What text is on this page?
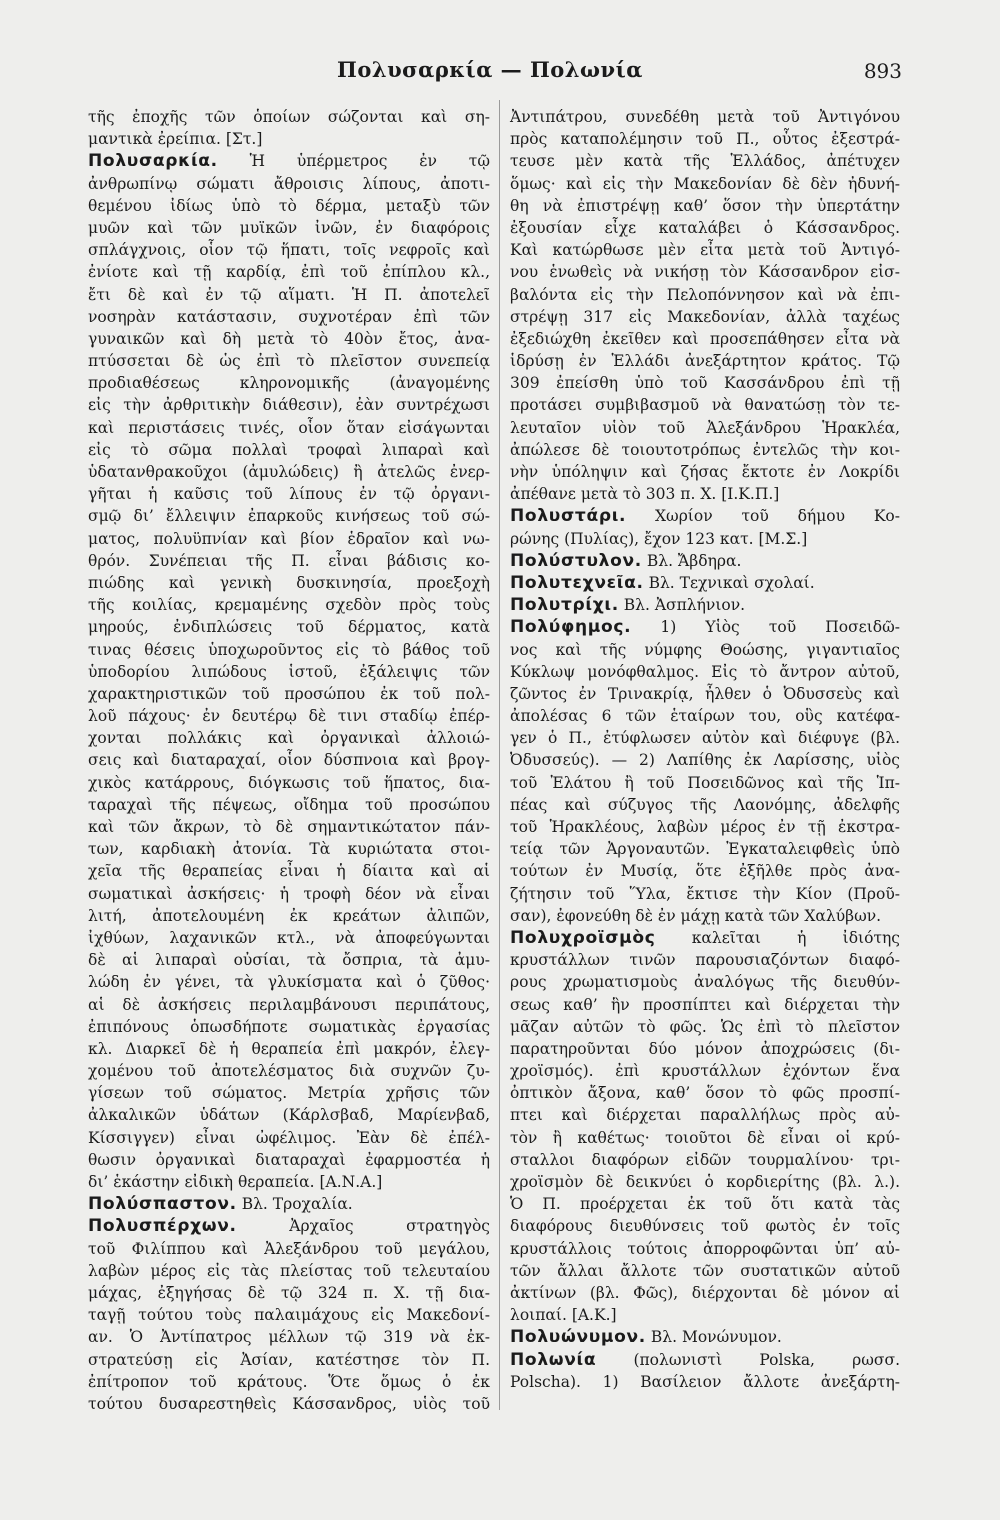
Πολυσαρκία — Πολωνία	893
τῆς ἐποχῆς τῶν ὁποίων σώζονται καὶ ση-
μαντικὰ ἐρείπια. [Στ.]
Πολυσαρκία. Ἡ ὑπέρμετρος ἐν τῷ
ἀνθρωπίνῳ σώματι ἄθροισις λίπους, ἀποτι-
θεμένου ἰδίως ὑπὸ τὸ δέρμα, μεταξὺ τῶν
μυῶν καὶ τῶν μυϊκῶν ἰνῶν, ἐν διαφόροις
σπλάγχνοις, οἷον τῷ ἥπατι, τοῖς νεφροῖς καὶ
ἐνίοτε καὶ τῇ καρδίᾳ, ἐπὶ τοῦ ἐπίπλου κλ.,
ἔτι δὲ καὶ ἐν τῷ αἵματι. Ἡ Π. ἀποτελεῖ
νοσηρὰν κατάστασιν, συχνοτέραν ἐπὶ τῶν
γυναικῶν καὶ δὴ μετὰ τὸ 40ὸν ἔτος, ἀνα-
πτύσσεται δὲ ὡς ἐπὶ τὸ πλεῖστον συνεπείᾳ
προδιαθέσεως κληρονομικῆς (ἀναγομένης
εἰς τὴν ἀρθριτικὴν διάθεσιν), ἐὰν συντρέχωσι
καὶ περιστάσεις τινές, οἷον ὅταν εἰσάγωνται
εἰς τὸ σῶμα πολλαὶ τροφαὶ λιπαραὶ καὶ
ὑδατανθρακοῦχοι (ἀμυλώδεις) ἢ ἀτελῶς ἐνερ-
γῆται ἡ καῦσις τοῦ λίπους ἐν τῷ ὀργανι-
σμῷ δι’ ἔλλειψιν ἐπαρκοῦς κινήσεως τοῦ σώ-
ματος, πολυϋπνίαν καὶ βίον ἑδραῖον καὶ νω-
θρόν. Συνέπειαι τῆς Π. εἶναι βάδισις κο-
πιώδης καὶ γενικὴ δυσκινησία, προεξοχὴ
τῆς κοιλίας, κρεμαμένης σχεδὸν πρὸς τοὺς
μηρούς, ἐνδιπλώσεις τοῦ δέρματος, κατὰ
τινας θέσεις ὑποχωροῦντος εἰς τὸ βάθος τοῦ
ὑποδορίου λιπώδους ἱστοῦ, ἐξάλειψις τῶν
χαρακτηριστικῶν τοῦ προσώπου ἐκ τοῦ πολ-
λοῦ πάχους· ἐν δευτέρῳ δὲ τινι σταδίῳ ἐπέρ-
χονται πολλάκις καὶ ὀργανικαὶ ἀλλοιώ-
σεις καὶ διαταραχαί, οἷον δύσπνοια καὶ βρογ-
χικὸς κατάρρους, διόγκωσις τοῦ ἥπατος, δια-
ταραχαὶ τῆς πέψεως, οἴδημα τοῦ προσώπου
καὶ τῶν ἄκρων, τὸ δὲ σημαντικώτατον πάν-
των, καρδιακὴ ἀτονία. Τὰ κυριώτατα στοι-
χεῖα τῆς θεραπείας εἶναι ἡ δίαιτα καὶ αἱ
σωματικαὶ ἀσκήσεις· ἡ τροφὴ δέον νὰ εἶναι
λιτή, ἀποτελουμένη ἐκ κρεάτων ἀλιπῶν,
ἰχθύων, λαχανικῶν κτλ., νὰ ἀποφεύγωνται
δὲ αἱ λιπαραὶ οὐσίαι, τὰ ὄσπρια, τὰ ἀμυ-
λώδη ἐν γένει, τὰ γλυκίσματα καὶ ὁ ζῦθος·
αἱ δὲ ἀσκήσεις περιλαμβάνουσι περιπάτους,
ἐπιπόνους ὁπωσδήποτε σωματικὰς ἐργασίας
κλ. Διαρκεῖ δὲ ἡ θεραπεία ἐπὶ μακρόν, ἐλεγ-
χομένου τοῦ ἀποτελέσματος διὰ συχνῶν ζυ-
γίσεων τοῦ σώματος. Μετρία χρῆσις τῶν
ἀλκαλικῶν ὑδάτων (Κάρλσβαδ, Μαρίενβαδ,
Κίσσιγγεν) εἶναι ὠφέλιμος. Ἐὰν δὲ ἐπέλ-
θωσιν ὀργανικαὶ διαταραχαὶ ἐφαρμοστέα ἡ
δι’ ἑκάστην εἰδικὴ θεραπεία. [Α.Ν.Α.]
Πολύσπαστον. Βλ. Τροχαλία.
Πολυσπέρχων.	Ἀρχαῖος στρατηγὸς
τοῦ Φιλίππου καὶ Ἀλεξάνδρου τοῦ μεγάλου,
λαβὼν μέρος εἰς τὰς πλείστας τοῦ τελευταίου
μάχας, ἐξηγήσας δὲ τῷ 324 π. Χ. τῇ δια-
ταγῇ τούτου τοὺς παλαιμάχους εἰς Μακεδονί-
αν. Ὁ Ἀντίπατρος μέλλων τῷ 319 νὰ ἐκ-
στρατεύσῃ εἰς Ἀσίαν, κατέστησε τὸν Π.
ἐπίτροπον τοῦ κράτους. Ὅτε ὅμως ὁ ἐκ
τούτου δυσαρεστηθεὶς Κάσσανδρος, υἱὸς τοῦ
Ἀντιπάτρου, συνεδέθη μετὰ τοῦ Ἀντιγόνου
πρὸς καταπολέμησιν τοῦ Π., οὗτος ἐξεστρά-
τευσε μὲν κατὰ τῆς Ἑλλάδος, ἀπέτυχεν
ὅμως· καὶ εἰς τὴν Μακεδονίαν δὲ δὲν ἠδυνή-
θη νὰ ἐπιστρέψῃ καθ’ ὅσον τὴν ὑπερτάτην
ἐξουσίαν εἶχε καταλάβει ὁ Κάσσανδρος.
Καὶ κατώρθωσε μὲν εἶτα μετὰ τοῦ Ἀντιγό-
νου ἑνωθεὶς νὰ νικήσῃ τὸν Κάσσανδρον εἰσ-
βαλόντα εἰς τὴν Πελοπόννησον καὶ νὰ ἐπι-
στρέψῃ 317 εἰς Μακεδονίαν, ἀλλὰ ταχέως
ἐξεδιώχθη ἐκεῖθεν καὶ προσεπάθησεν εἶτα νὰ
ἱδρύσῃ ἐν Ἑλλάδι ἀνεξάρτητον κράτος. Τῷ
309 ἐπείσθη ὑπὸ τοῦ Κασσάνδρου ἐπὶ τῇ
προτάσει συμβιβασμοῦ νὰ θανατώσῃ τὸν τε-
λευταῖον υἱὸν τοῦ Ἀλεξάνδρου Ἡρακλέα,
ἀπώλεσε δὲ τοιουτοτρόπως ἐντελῶς τὴν κοι-
νὴν ὑπόληψιν καὶ ζήσας ἔκτοτε ἐν Λοκρίδι
ἀπέθανε μετὰ τὸ 303 π. Χ. [Ι.Κ.Π.]
Πολυστάρι. Χωρίον τοῦ δήμου Κο-
ρώνης (Πυλίας), ἔχον 123 κατ. [Μ.Σ.]
Πολύστυλον. Βλ. Ἄβδηρα.
Πολυτεχνεῖα. Βλ. Τεχνικαὶ σχολαί.
Πολυτρίχι. Βλ. Ἀσπλήνιον.
Πολύφημος. 1) Υἱὸς τοῦ Ποσειδῶ-
νος καὶ τῆς νύμφης Θοώσης, γιγαντιαῖος
Κύκλωψ μονόφθαλμος. Εἰς τὸ ἄντρον αὐτοῦ,
ζῶντος ἐν Τρινακρίᾳ, ἦλθεν ὁ Ὀδυσσεὺς καὶ
ἀπολέσας 6 τῶν ἑταίρων του, οὓς κατέφα-
γεν ὁ Π., ἐτύφλωσεν αὐτὸν καὶ διέφυγε (βλ.
Ὀδυσσεύς). — 2) Λαπίθης ἐκ Λαρίσσης, υἱὸς
τοῦ Ἐλάτου ἢ τοῦ Ποσειδῶνος καὶ τῆς Ἱπ-
πέας καὶ σύζυγος τῆς Λαονόμης, ἀδελφῆς
τοῦ Ἡρακλέους, λαβὼν μέρος ἐν τῇ ἐκστρα-
τείᾳ τῶν Ἀργοναυτῶν. Ἐγκαταλειφθεὶς ὑπὸ
τούτων ἐν Μυσίᾳ, ὅτε ἐξῆλθε πρὸς ἀνα-
ζήτησιν τοῦ Ὕλα, ἔκτισε τὴν Κίον (Προῦ-
σαν), ἐφονεύθη δὲ ἐν μάχῃ κατὰ τῶν Χαλύβων.
Πολυχροϊσμὸς καλεῖται ἡ ἰδιότης
κρυστάλλων τινῶν παρουσιαζόντων διαφό-
ρους χρωματισμοὺς ἀναλόγως τῆς διευθύν-
σεως καθ’ ἣν προσπίπτει καὶ διέρχεται τὴν
μᾶζαν αὐτῶν τὸ φῶς. Ὡς ἐπὶ τὸ πλεῖστον
παρατηροῦνται δύο μόνον ἀποχρώσεις (δι-
χροϊσμός). ἐπὶ κρυστάλλων ἐχόντων ἕνα
ὀπτικὸν ἄξονα, καθ’ ὅσον τὸ φῶς προσπί-
πτει καὶ διέρχεται παραλλήλως πρὸς αὐ-
τὸν ἢ καθέτως· τοιοῦτοι δὲ εἶναι οἱ κρύ-
σταλλοι διαφόρων εἰδῶν τουρμαλίνου· τρι-
χροϊσμὸν δὲ δεικνύει ὁ κορδιερίτης (βλ. λ.).
Ὁ Π. προέρχεται ἐκ τοῦ ὅτι κατὰ τὰς
διαφόρους διευθύνσεις τοῦ φωτὸς ἐν τοῖς
κρυστάλλοις τούτοις ἀπορροφῶνται ὑπ’ αὐ-
τῶν ἄλλαι ἄλλοτε τῶν συστατικῶν αὐτοῦ
ἀκτίνων (βλ. Φῶς), διέρχονται δὲ μόνον αἱ
λοιπαί. [Α.Κ.]
Πολυώνυμον. Βλ. Μονώνυμον.
Πολωνία (πολωνιστὶ Polska, ρωσσ.
Polscha). 1) Βασίλειον ἄλλοτε ἀνεξάρτη-
